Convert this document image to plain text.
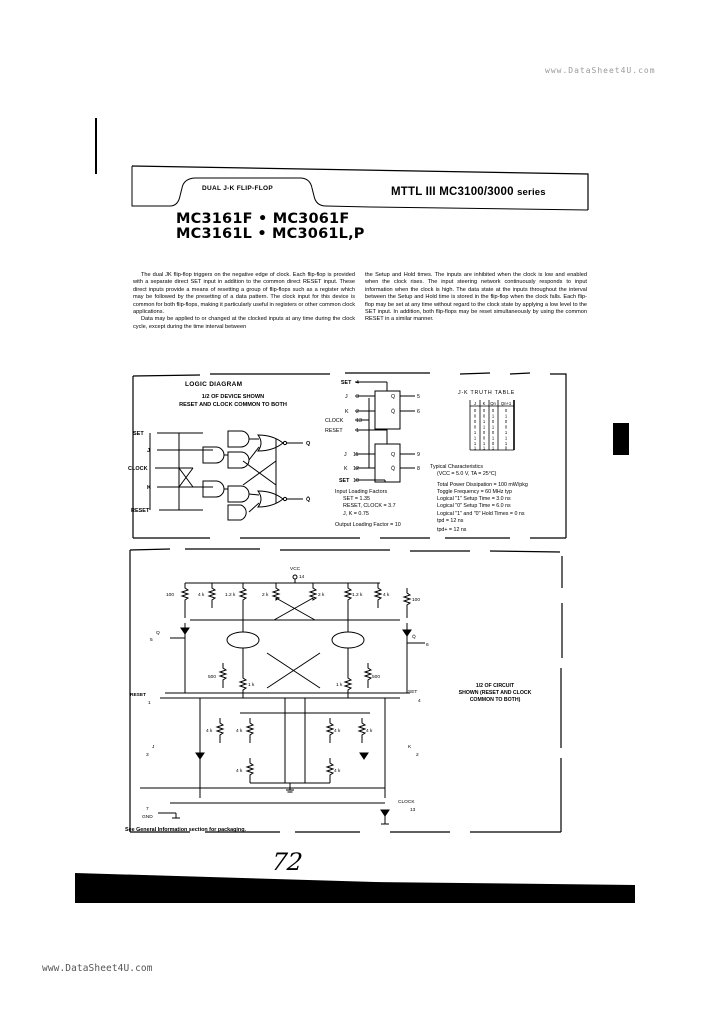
www.DataSheet4U.com
DUAL J-K FLIP-FLOP	MTTL III MC3100/3000 series
MC3161F • MC3061F
MC3161L • MC3061L,P
The dual JK flip-flop triggers on the negative edge of clock. Each flip-flop is provided with a separate direct SET input in addition to the common direct RESET input. These direct inputs provide a means of resetting a group of flip-flops such as a register which may be followed by the presetting of a data pattern. The clock input for this device is common for both flip-flops, making it particularly useful in registers or other common clock applications.
Data may be applied to or changed at the clocked inputs at any time during the clock cycle, except during the time interval between
the Setup and Hold times. The inputs are inhibited when the clock is low and enabled when the clock rises. The input steering network continuously responds to input information when the clock is high. The data state at the inputs throughout the interval between the Setup and Hold time is stored in the flip-flop when the clock falls. Each flip-flop may be set at any time without regard to the clock state by applying a low level to the SET input. In addition, both flip-flops may be reset simultaneously by using the common RESET in a similar manner.
LOGIC DIAGRAM
1/2 OF DEVICE SHOWN
RESET AND CLOCK COMMON TO BOTH
SET
J
CLOCK
K
RESET
Q
Q̄
SET 4
J 3
K 2
CLOCK 13
RESET	1
Q	5
Q̄	6
J 11
K 12
SET 10
Q	9
Q̄	8
Input Loading Factors
SET = 1.35
RESET, CLOCK = 3.7
J, K = 0.75
Output Loading Factor = 10
J-K TRUTH TABLE
J K Qn Qn+1
0 0 0	0
0 0 1	1
0 1 0	0
0 1 1	0
1 0 0	1
1 0 1	1
1 1 0	1
1 1 1	0
Typical Characteristics
(VCC = 5.0 V, TA = 25°C)
Total Power Dissipation = 100 mW/pkg
Toggle Frequency = 60 MHz typ
Logical "1" Setup Time = 3.0 ns
Logical "0" Setup Time = 6.0 ns
Logical "1" and "0" Hold Times = 0 ns
tpd = 12 ns
tpd+ = 12 ns
VCC
14
100	4 k	1.2 k	2 k	2 k	1.2 k	4 k
100
500
1 k	1 k
500
4 k	4 k
4 k
4 k	4 k
4 k
Q
5
Q̄
6
RESET
1
SET
4
J
3
K
2
GND
7
CLOCK
13
1/2 OF CIRCUIT
SHOWN (RESET AND CLOCK
COMMON TO BOTH)
See General Information section for packaging.
72
www.DataSheet4U.com
